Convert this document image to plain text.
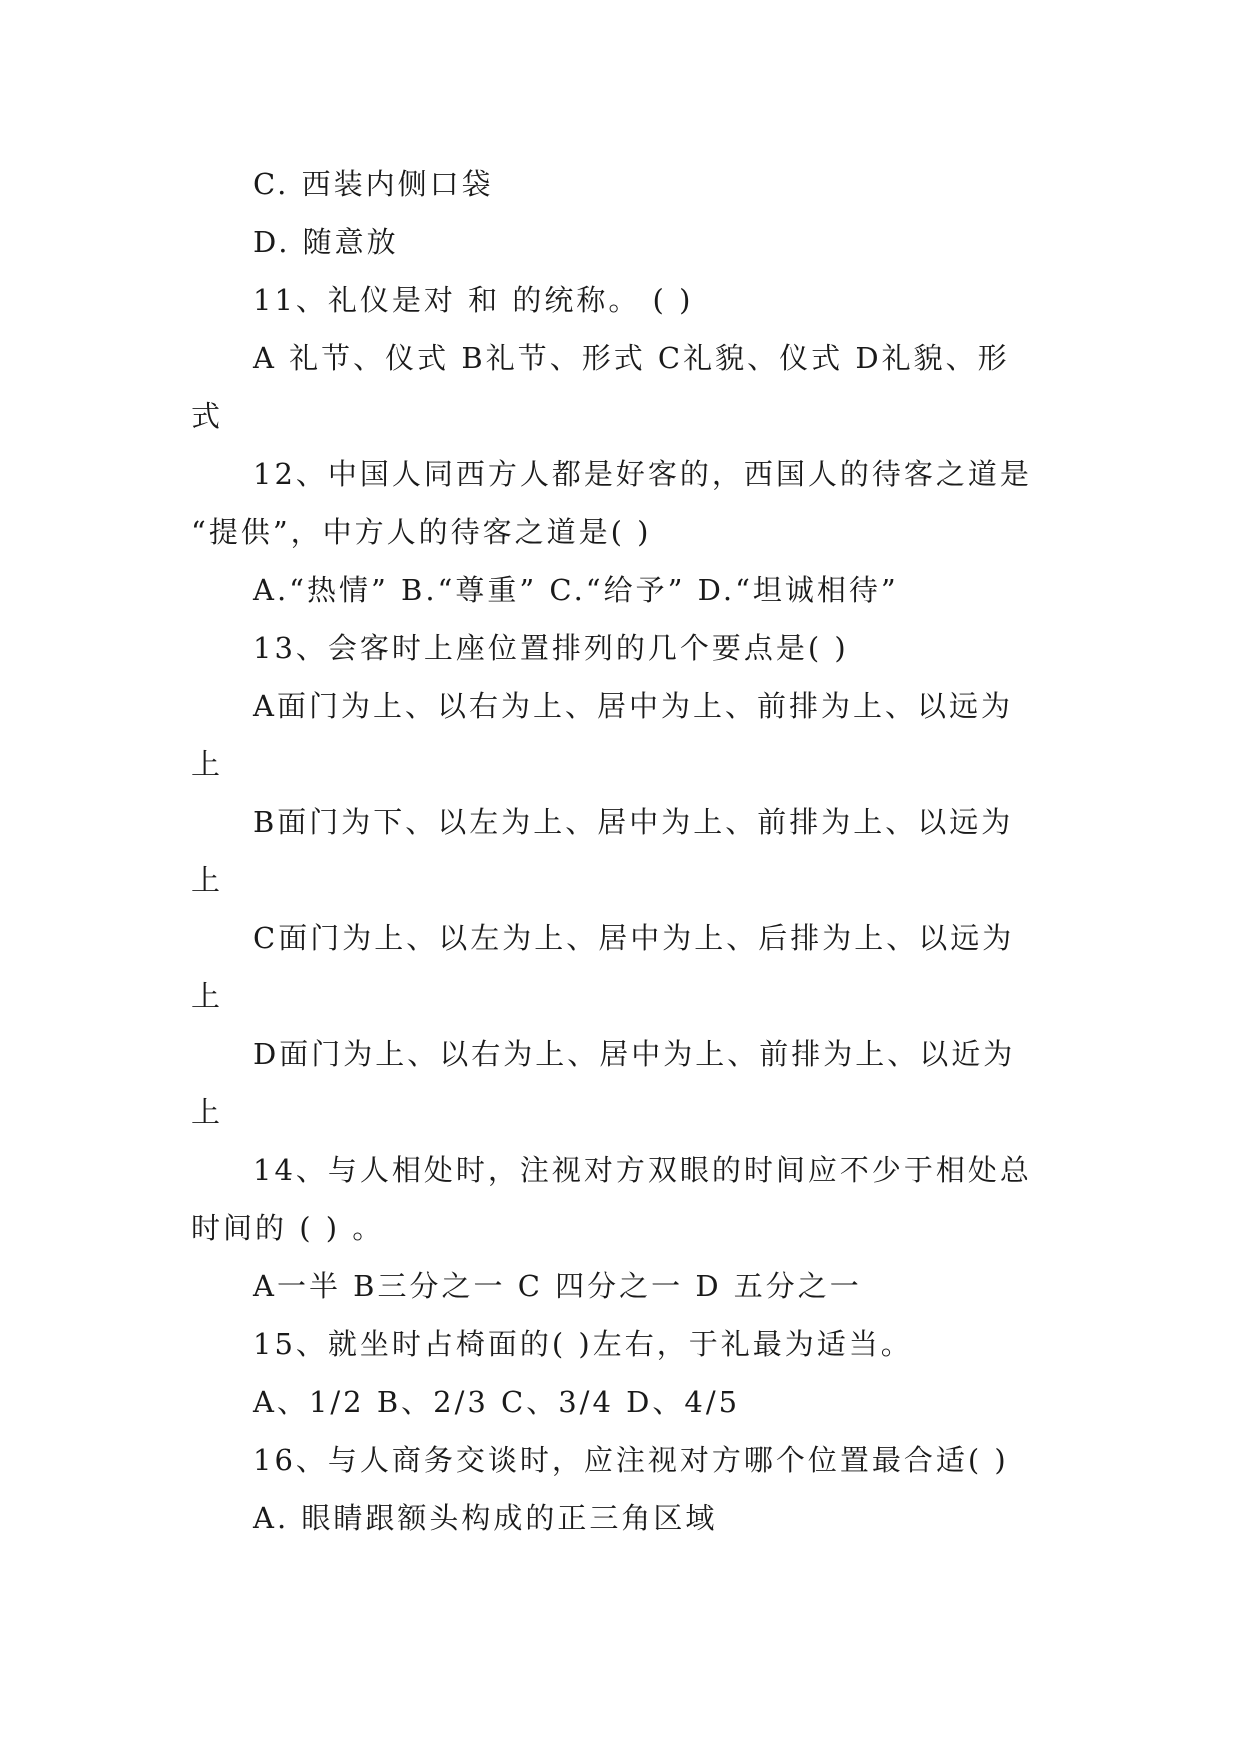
C. 西装内侧口袋
D. 随意放
11、礼仪是对 和 的统称。 ( )
A 礼节、仪式 B礼节、形式 C礼貌、仪式 D礼貌、形
式
12、中国人同西方人都是好客的，西国人的待客之道是
“提供”，中方人的待客之道是( )
A.“热情” B.“尊重” C.“给予” D.“坦诚相待”
13、会客时上座位置排列的几个要点是( )
A面门为上、以右为上、居中为上、前排为上、以远为
上
B面门为下、以左为上、居中为上、前排为上、以远为
上
C面门为上、以左为上、居中为上、后排为上、以远为
上
D面门为上、以右为上、居中为上、前排为上、以近为
上
14、与人相处时，注视对方双眼的时间应不少于相处总
时间的 ( ) 。
A一半 B三分之一 C 四分之一 D 五分之一
15、就坐时占椅面的( )左右，于礼最为适当。
A、1/2 B、2/3 C、3/4 D、4/5
16、与人商务交谈时，应注视对方哪个位置最合适( )
A. 眼睛跟额头构成的正三角区域
